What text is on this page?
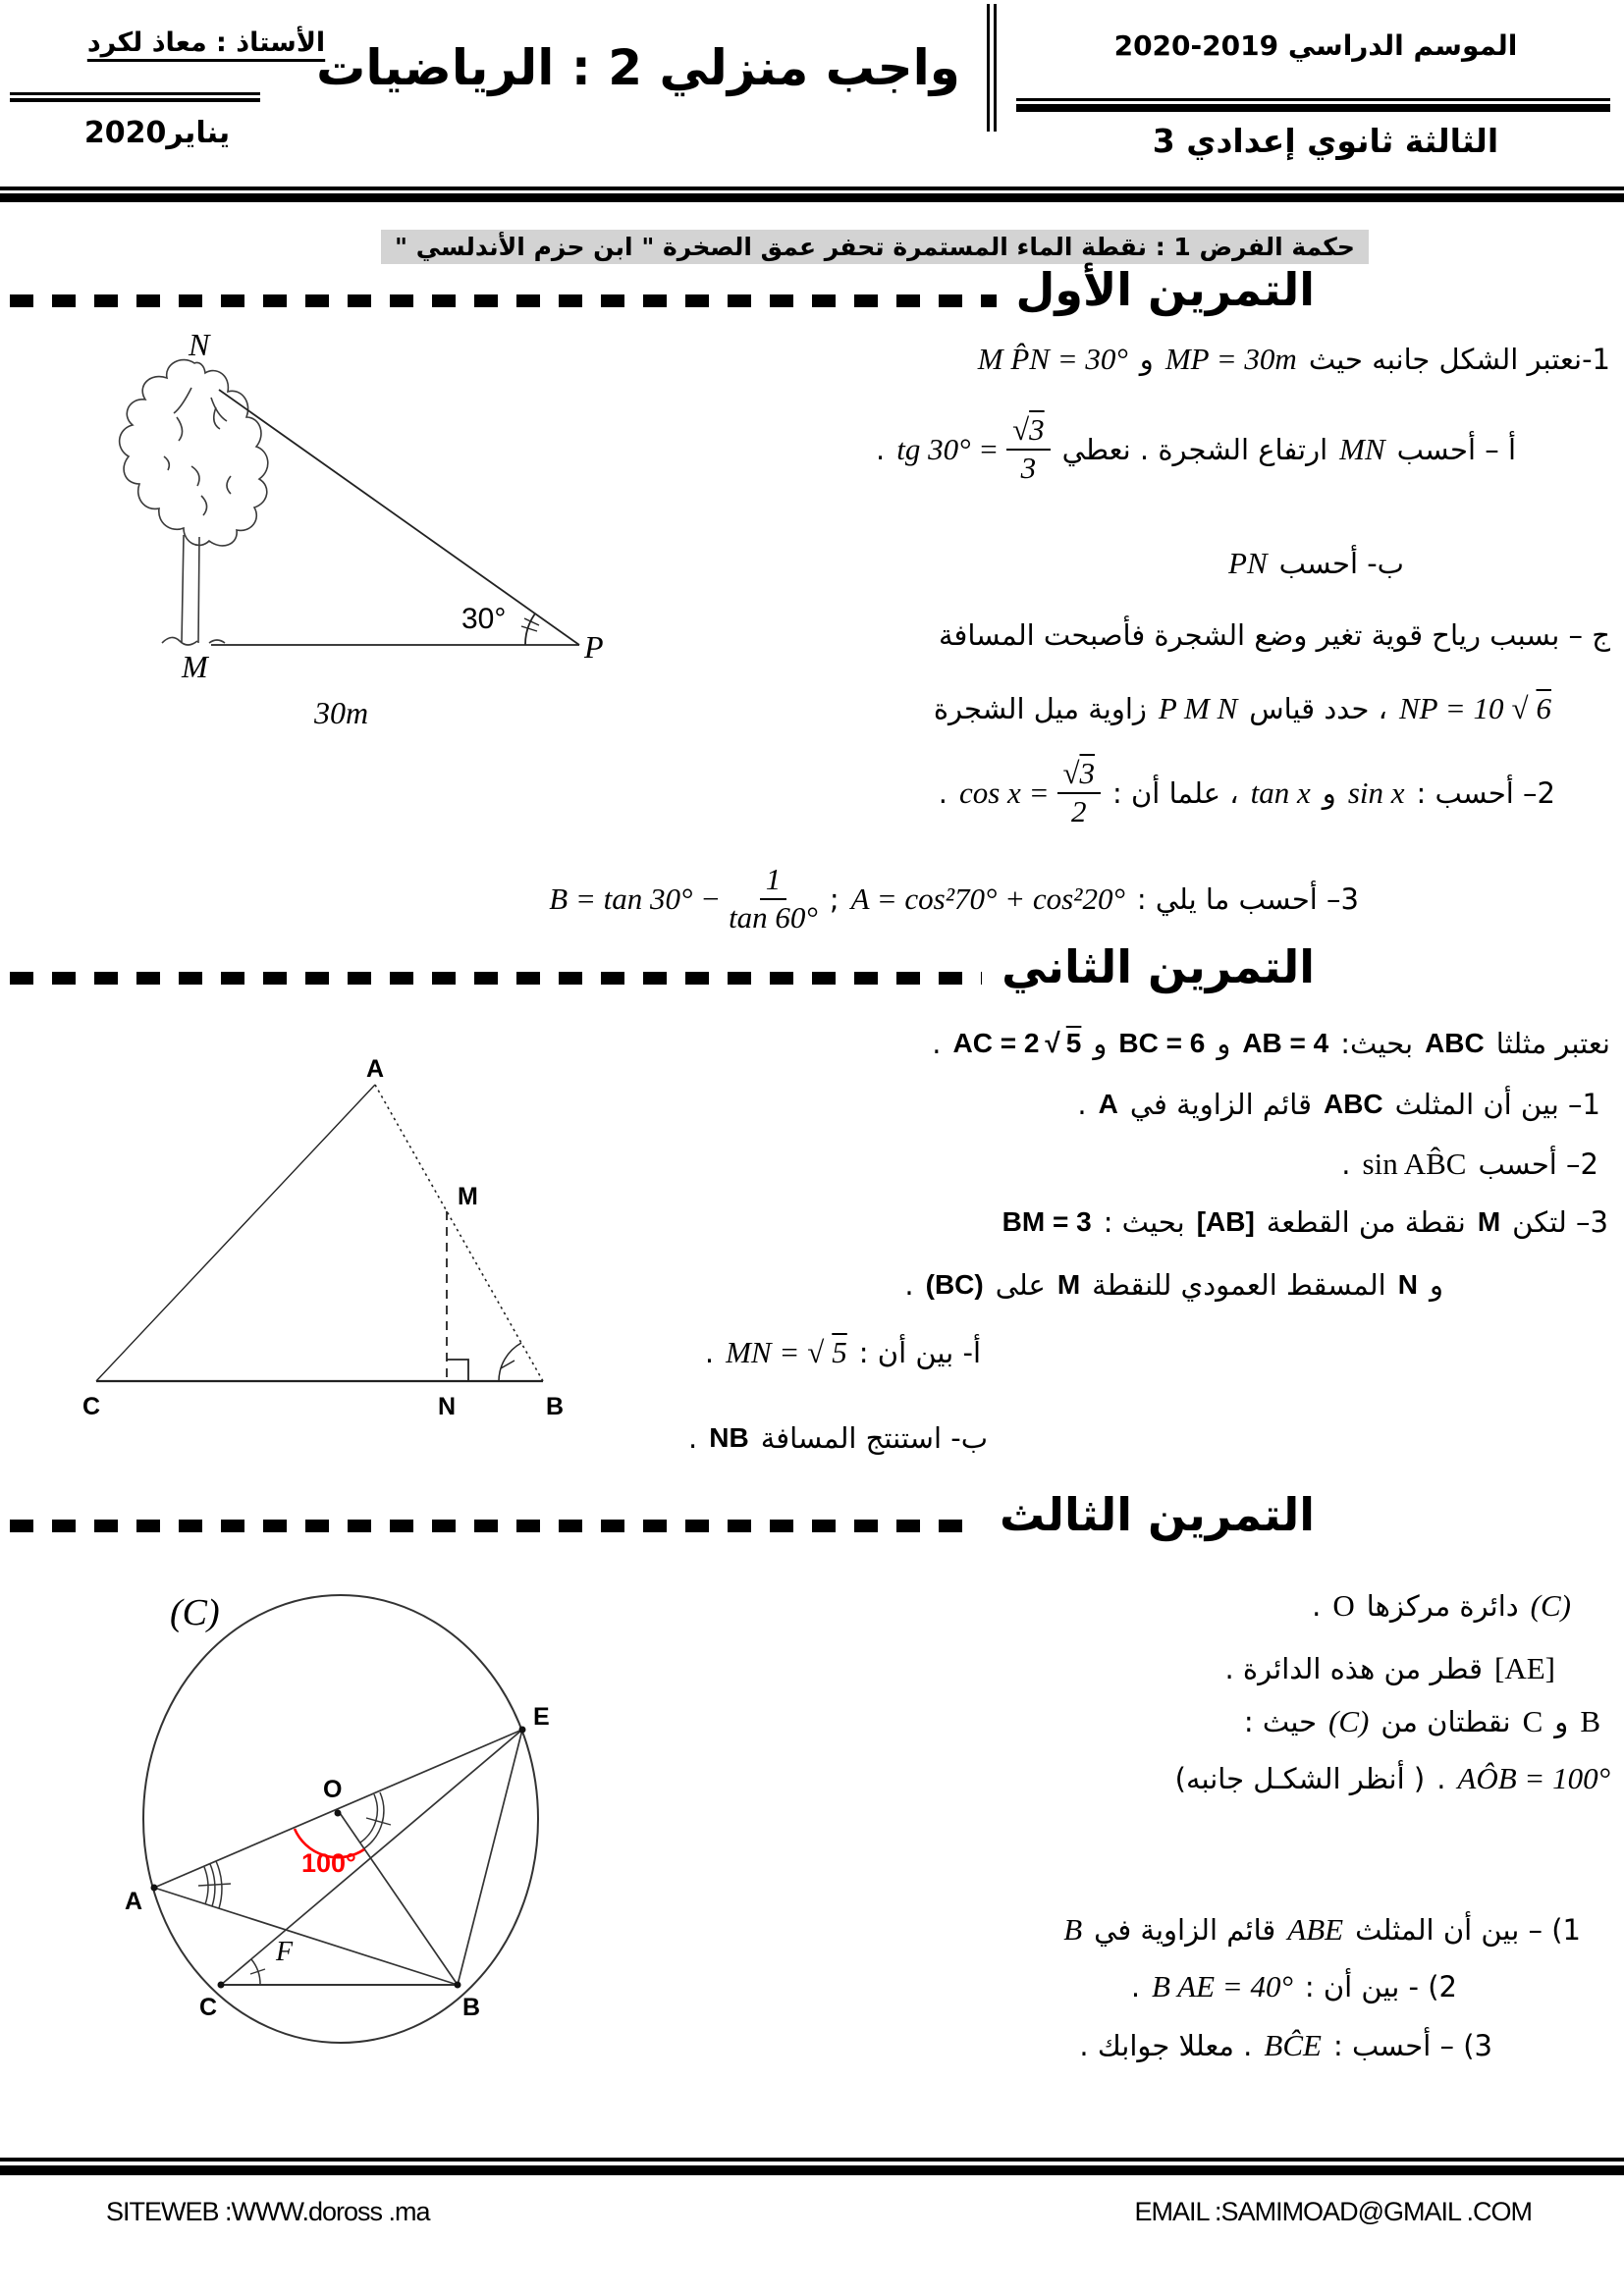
الأستاذ : معاذ لكرد
يناير2020
واجب منزلي 2 : الرياضيات	الموسم الدراسي 2019-2020
الثالثة ثانوي إعدادي 3
حكمة الفرض 1 : نقطة الماء المستمرة تحفر عمق الصخرة " ابن حزم الأندلسي "
التمرين الأول
1-نعتبر الشكل جانبه حيث
MP = 30m
و
M P̂N = 30°
أ – أحسب
MN
ارتفاع الشجرة . نعطي
tg $30^\circ = \frac{√ 3}{3}$
.
ب- أحسب
PN
ج – بسبب رياح قوية تغير وضع الشجرة فأصبحت المسافة
NP = 10 √ 6
، حدد قياس
P M N
زاوية ميل الشجرة
2– أحسب :
sin x
و
tan x
، علما أن :
$\cos x = \frac{√ 3}{2}$
.
3– أحسب ما يلي :
A = cos²70° + cos²20°
;
$B = \tan 30^\circ - \frac{1}{\tan 60^\circ}$
N
M
P
30°
30m
التمرين الثاني
نعتبر مثلثا
ABC
بحيث:
AB = 4
و
BC = 6
و
AC = 2 √ 5
.
1– بين أن المثلث
ABC
قائم الزاوية في
A
.
2– أحسب
sin AB̂C
.
3– لتكن
M
نقطة من القطعة
[AB]
بحيث :
BM = 3
و
N
المسقط العمودي للنقطة
M
على
(BC)
.
أ- بين أن :
MN = √ 5
.
ب- استنتج المسافة
NB
.
A
M
C	N	B
التمرين الثالث
(C)
دائرة مركزها
O
.
[AE]
قطر من هذه الدائرة .
B
و
C
نقطتان من
(C)
حيث :
AÔB = 100°
.
( أنظر الشكـل جانبه)
1) – بين أن المثلث
ABE
قائم الزاوية في
B
2) - بين أن :
B AE = 40°
.
3) – أحسب :
BĈE
. معللا جوابك .
(C)
O
E
A
B
C
F
100°
SITEWEB :WWW.doross .ma	EMAIL :SAMIMOAD@GMAIL .COM
